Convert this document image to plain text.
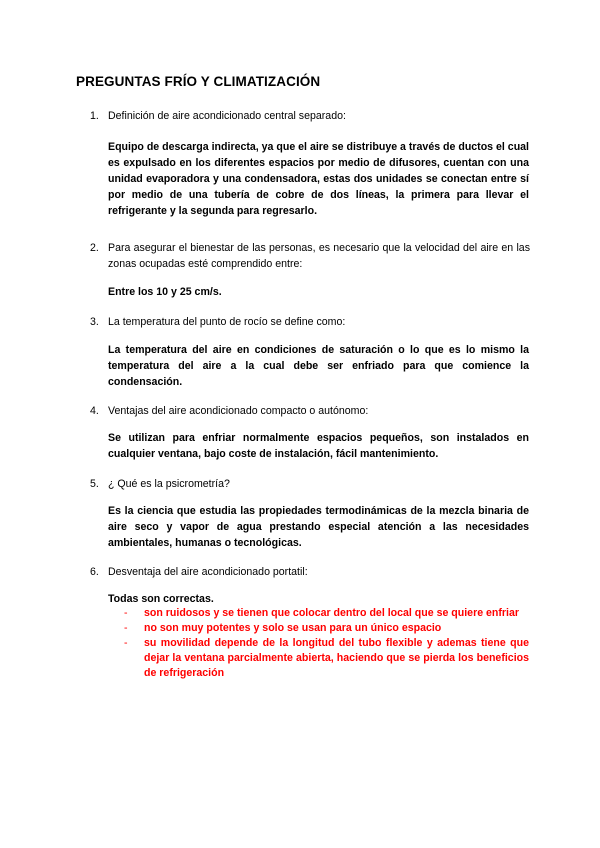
PREGUNTAS FRÍO Y CLIMATIZACIÓN
1. Definición de aire acondicionado central separado:
Equipo de descarga indirecta, ya que el aire se distribuye a través de ductos el cual es expulsado en los diferentes espacios por medio de difusores, cuentan con una unidad evaporadora y una condensadora, estas dos unidades se conectan entre sí por medio de una tubería de cobre de dos líneas, la primera para llevar el refrigerante y la segunda para regresarlo.
2. Para asegurar el bienestar de las personas, es necesario que la velocidad del aire en las zonas ocupadas esté comprendido entre:
Entre los 10 y 25 cm/s.
3. La temperatura del punto de rocío se define como:
La temperatura del aire en condiciones de saturación o lo que es lo mismo la temperatura del aire a la cual debe ser enfriado para que comience la condensación.
4. Ventajas del aire acondicionado compacto o autónomo:
Se utilizan para enfriar normalmente espacios pequeños, son instalados en cualquier ventana, bajo coste de instalación, fácil mantenimiento.
5. ¿ Qué es la psicrometría?
Es la ciencia que estudia las propiedades termodinámicas de la mezcla binaria de aire seco y vapor de agua prestando especial atención a las necesidades ambientales, humanas o tecnológicas.
6. Desventaja del aire acondicionado portatil:
Todas son correctas.
- son ruidosos y se tienen que colocar dentro del local que se quiere enfriar
- no son muy potentes y solo se usan para un único espacio
- su movilidad depende de la longitud del tubo flexible y ademas tiene que dejar la ventana parcialmente abierta, haciendo que se pierda los beneficios de refrigeración
